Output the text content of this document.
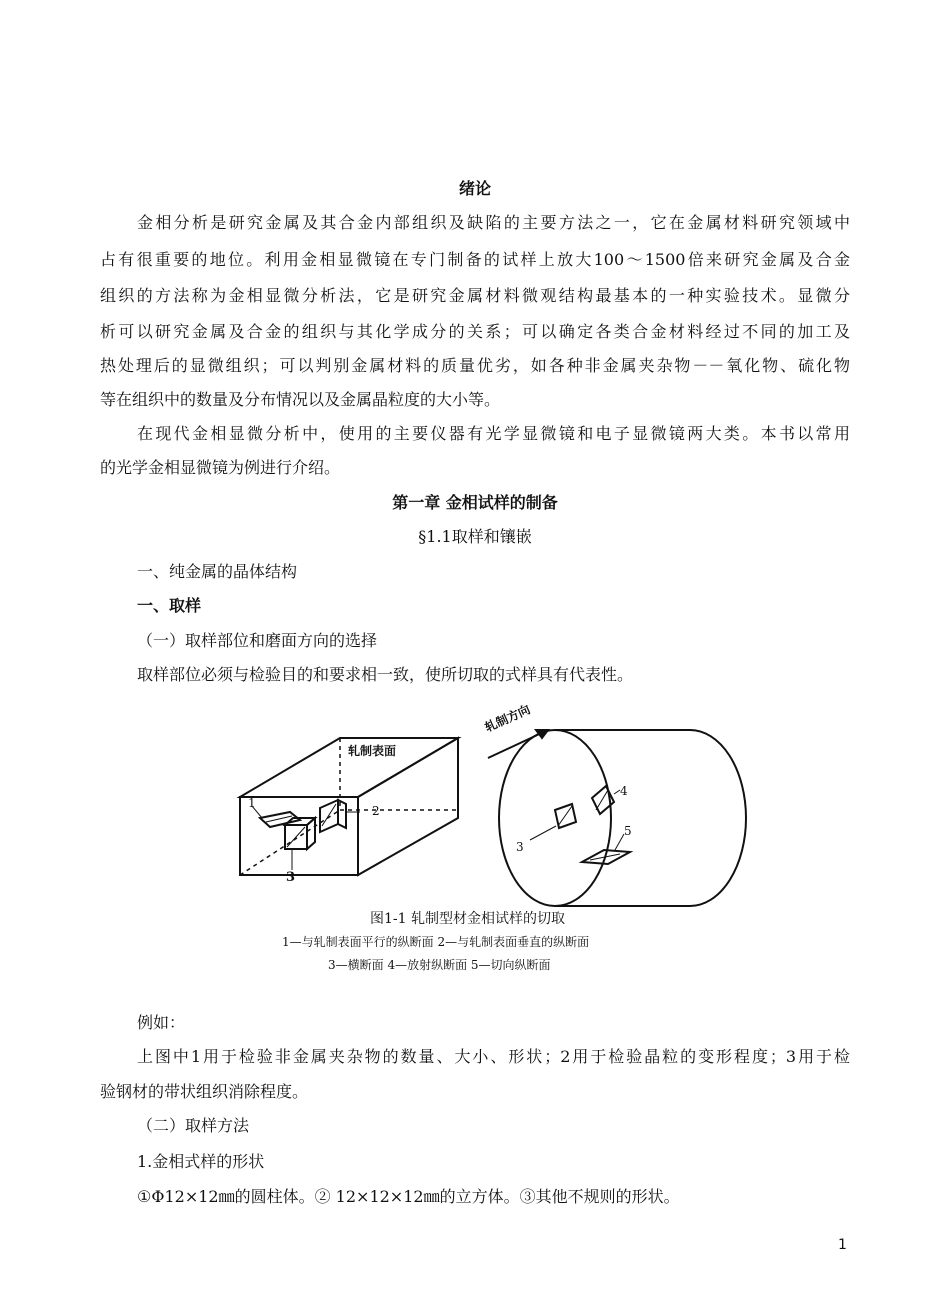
绪论
金相分析是研究金属及其合金内部组织及缺陷的主要方法之一，它在金属材料研究领域中
占有很重要的地位。利用金相显微镜在专门制备的试样上放大100～1500倍来研究金属及合金
组织的方法称为金相显微分析法，它是研究金属材料微观结构最基本的一种实验技术。显微分
析可以研究金属及合金的组织与其化学成分的关系；可以确定各类合金材料经过不同的加工及
热处理后的显微组织；可以判别金属材料的质量优劣，如各种非金属夹杂物－－氧化物、硫化物
等在组织中的数量及分布情况以及金属晶粒度的大小等。
在现代金相显微分析中，使用的主要仪器有光学显微镜和电子显微镜两大类。本书以常用
的光学金相显微镜为例进行介绍。
第一章 金相试样的制备
§1.1取样和镶嵌
一、纯金属的晶体结构
一、取样
（一）取样部位和磨面方向的选择
取样部位必须与检验目的和要求相一致，使所切取的式样具有代表性。
轧制表面
轧制方向
1
2
3
3
4
5
图1-1 轧制型材金相试样的切取
1—与轧制表面平行的纵断面 2—与轧制表面垂直的纵断面
3—横断面 4—放射纵断面 5—切向纵断面
例如：
上图中1用于检验非金属夹杂物的数量、大小、形状；2用于检验晶粒的变形程度；3用于检
验钢材的带状组织消除程度。
（二）取样方法
1.金相式样的形状
①Φ12×12㎜的圆柱体。② 12×12×12㎜的立方体。③其他不规则的形状。
1
